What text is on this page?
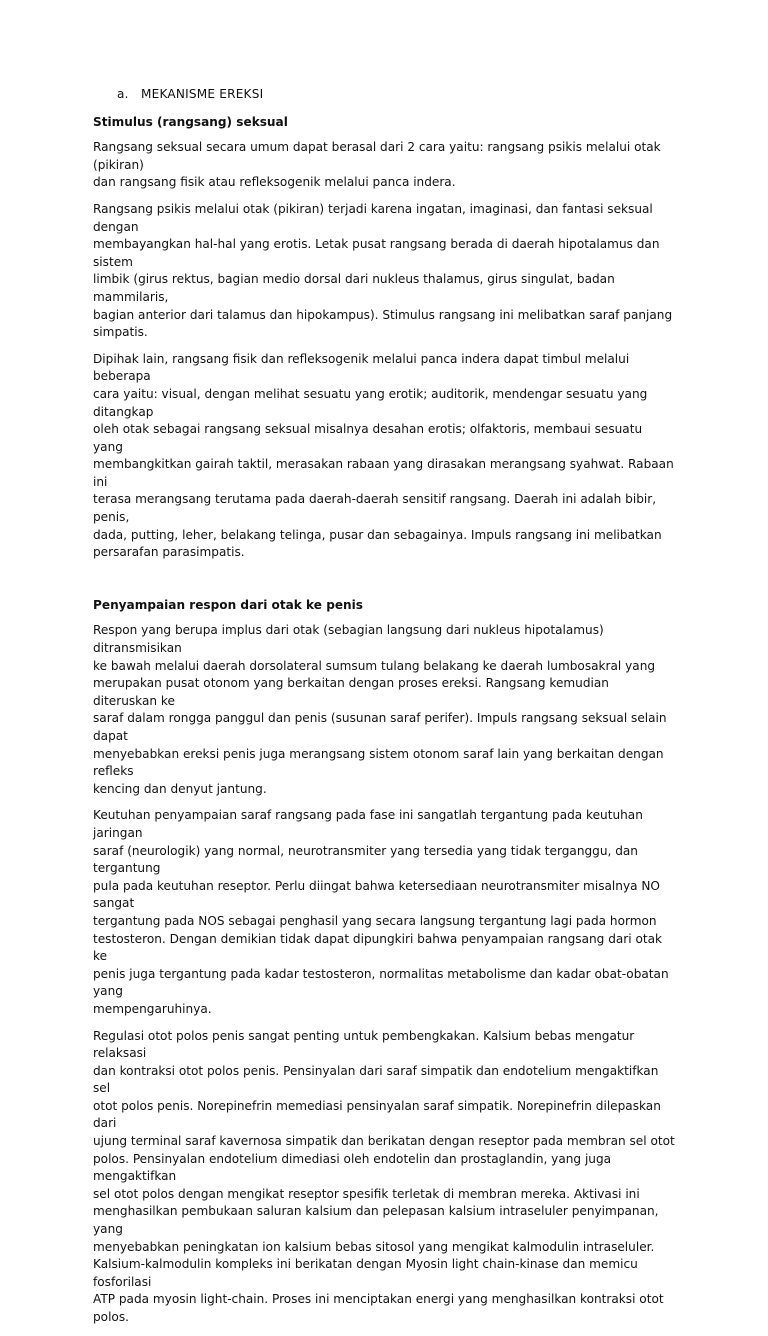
a. MEKANISME EREKSI
Stimulus (rangsang) seksual

Rangsang seksual secara umum dapat berasal dari 2 cara yaitu: rangsang psikis melalui otak (pikiran)
dan rangsang fisik atau refleksogenik melalui panca indera.

Rangsang psikis melalui otak (pikiran) terjadi karena ingatan, imaginasi, dan fantasi seksual dengan
membayangkan hal-hal yang erotis. Letak pusat rangsang berada di daerah hipotalamus dan sistem
limbik (girus rektus, bagian medio dorsal dari nukleus thalamus, girus singulat, badan mammilaris,
bagian anterior dari talamus dan hipokampus). Stimulus rangsang ini melibatkan saraf panjang
simpatis.

Dipihak lain, rangsang fisik dan refleksogenik melalui panca indera dapat timbul melalui beberapa
cara yaitu: visual, dengan melihat sesuatu yang erotik; auditorik, mendengar sesuatu yang ditangkap
oleh otak sebagai rangsang seksual misalnya desahan erotis; olfaktoris, membaui sesuatu yang
membangkitkan gairah taktil, merasakan rabaan yang dirasakan merangsang syahwat. Rabaan ini
terasa merangsang terutama pada daerah-daerah sensitif rangsang. Daerah ini adalah bibir, penis,
dada, putting, leher, belakang telinga, pusar dan sebagainya. Impuls rangsang ini melibatkan
persarafan parasimpatis.

Penyampaian respon dari otak ke penis

Respon yang berupa implus dari otak (sebagian langsung dari nukleus hipotalamus) ditransmisikan
ke bawah melalui daerah dorsolateral sumsum tulang belakang ke daerah lumbosakral yang
merupakan pusat otonom yang berkaitan dengan proses ereksi. Rangsang kemudian diteruskan ke
saraf dalam rongga panggul dan penis (susunan saraf perifer). Impuls rangsang seksual selain dapat
menyebabkan ereksi penis juga merangsang sistem otonom saraf lain yang berkaitan dengan refleks
kencing dan denyut jantung.

Keutuhan penyampaian saraf rangsang pada fase ini sangatlah tergantung pada keutuhan jaringan
saraf (neurologik) yang normal, neurotransmiter yang tersedia yang tidak terganggu, dan tergantung
pula pada keutuhan reseptor. Perlu diingat bahwa ketersediaan neurotransmiter misalnya NO sangat
tergantung pada NOS sebagai penghasil yang secara langsung tergantung lagi pada hormon
testosteron. Dengan demikian tidak dapat dipungkiri bahwa penyampaian rangsang dari otak ke
penis juga tergantung pada kadar testosteron, normalitas metabolisme dan kadar obat-obatan yang
mempengaruhinya.

Regulasi otot polos penis sangat penting untuk pembengkakan. Kalsium bebas mengatur relaksasi
dan kontraksi otot polos penis. Pensinyalan dari saraf simpatik dan endotelium mengaktifkan sel
otot polos penis. Norepinefrin memediasi pensinyalan saraf simpatik. Norepinefrin dilepaskan dari
ujung terminal saraf kavernosa simpatik dan berikatan dengan reseptor pada membran sel otot
polos. Pensinyalan endotelium dimediasi oleh endotelin dan prostaglandin, yang juga mengaktifkan
sel otot polos dengan mengikat reseptor spesifik terletak di membran mereka. Aktivasi ini
menghasilkan pembukaan saluran kalsium dan pelepasan kalsium intraseluler penyimpanan, yang
menyebabkan peningkatan ion kalsium bebas sitosol yang mengikat kalmodulin intraseluler.
Kalsium-kalmodulin kompleks ini berikatan dengan Myosin light chain-kinase dan memicu fosforilasi
ATP pada myosin light-chain. Proses ini menciptakan energi yang menghasilkan kontraksi otot polos.
